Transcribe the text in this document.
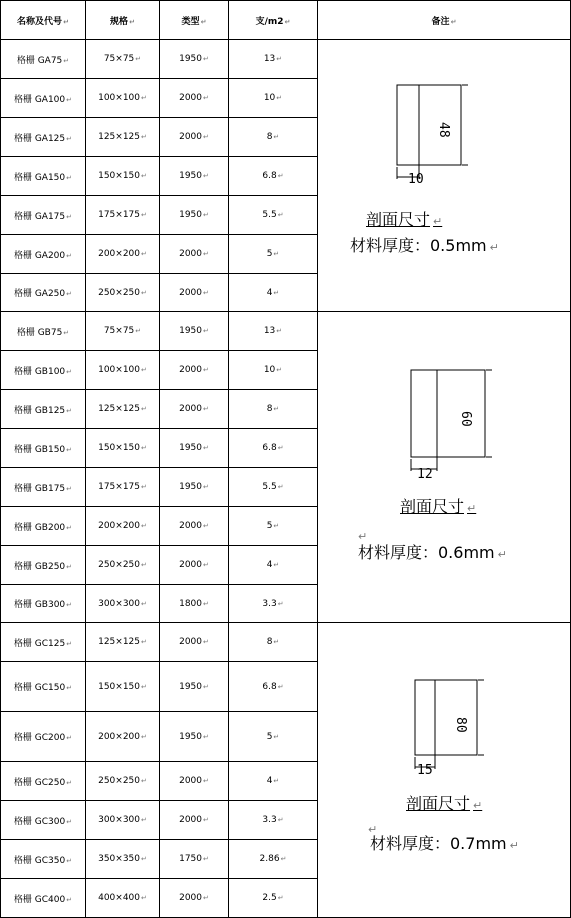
名称及代号↵	规格↵	类型↵	支/m2↵	备注↵
格栅 GA75↵	75×75↵	1950↵	13↵	48
10
剖面尺寸 ↵
材料厚度：0.5mm ↵

格栅 GA100↵	100×100↵	2000↵	10↵	
格栅 GA125↵	125×125↵	2000↵	8↵	
格栅 GA150↵	150×150↵	1950↵	6.8↵	
格栅 GA175↵	175×175↵	1950↵	5.5↵	
格栅 GA200↵	200×200↵	2000↵	5↵	
格栅 GA250↵	250×250↵	2000↵	4↵	
格栅 GB75↵	75×75↵	1950↵	13↵	60
12
剖面尺寸 ↵
↵
材料厚度：0.6mm ↵

格栅 GB100↵	100×100↵	2000↵	10↵	
格栅 GB125↵	125×125↵	2000↵	8↵	
格栅 GB150↵	150×150↵	1950↵	6.8↵	
格栅 GB175↵	175×175↵	1950↵	5.5↵	
格栅 GB200↵	200×200↵	2000↵	5↵	
格栅 GB250↵	250×250↵	2000↵	4↵	
格栅 GB300↵	300×300↵	1800↵	3.3↵	
格栅 GC125↵	125×125↵	2000↵	8↵	80
15
剖面尺寸 ↵
↵
材料厚度：0.7mm ↵

格栅 GC150↵	150×150↵	1950↵	6.8↵	
格栅 GC200↵	200×200↵	1950↵	5↵	
格栅 GC250↵	250×250↵	2000↵	4↵	
格栅 GC300↵	300×300↵	2000↵	3.3↵	
格栅 GC350↵	350×350↵	1750↵	2.86↵	
格栅 GC400↵	400×400↵	2000↵	2.5↵	
